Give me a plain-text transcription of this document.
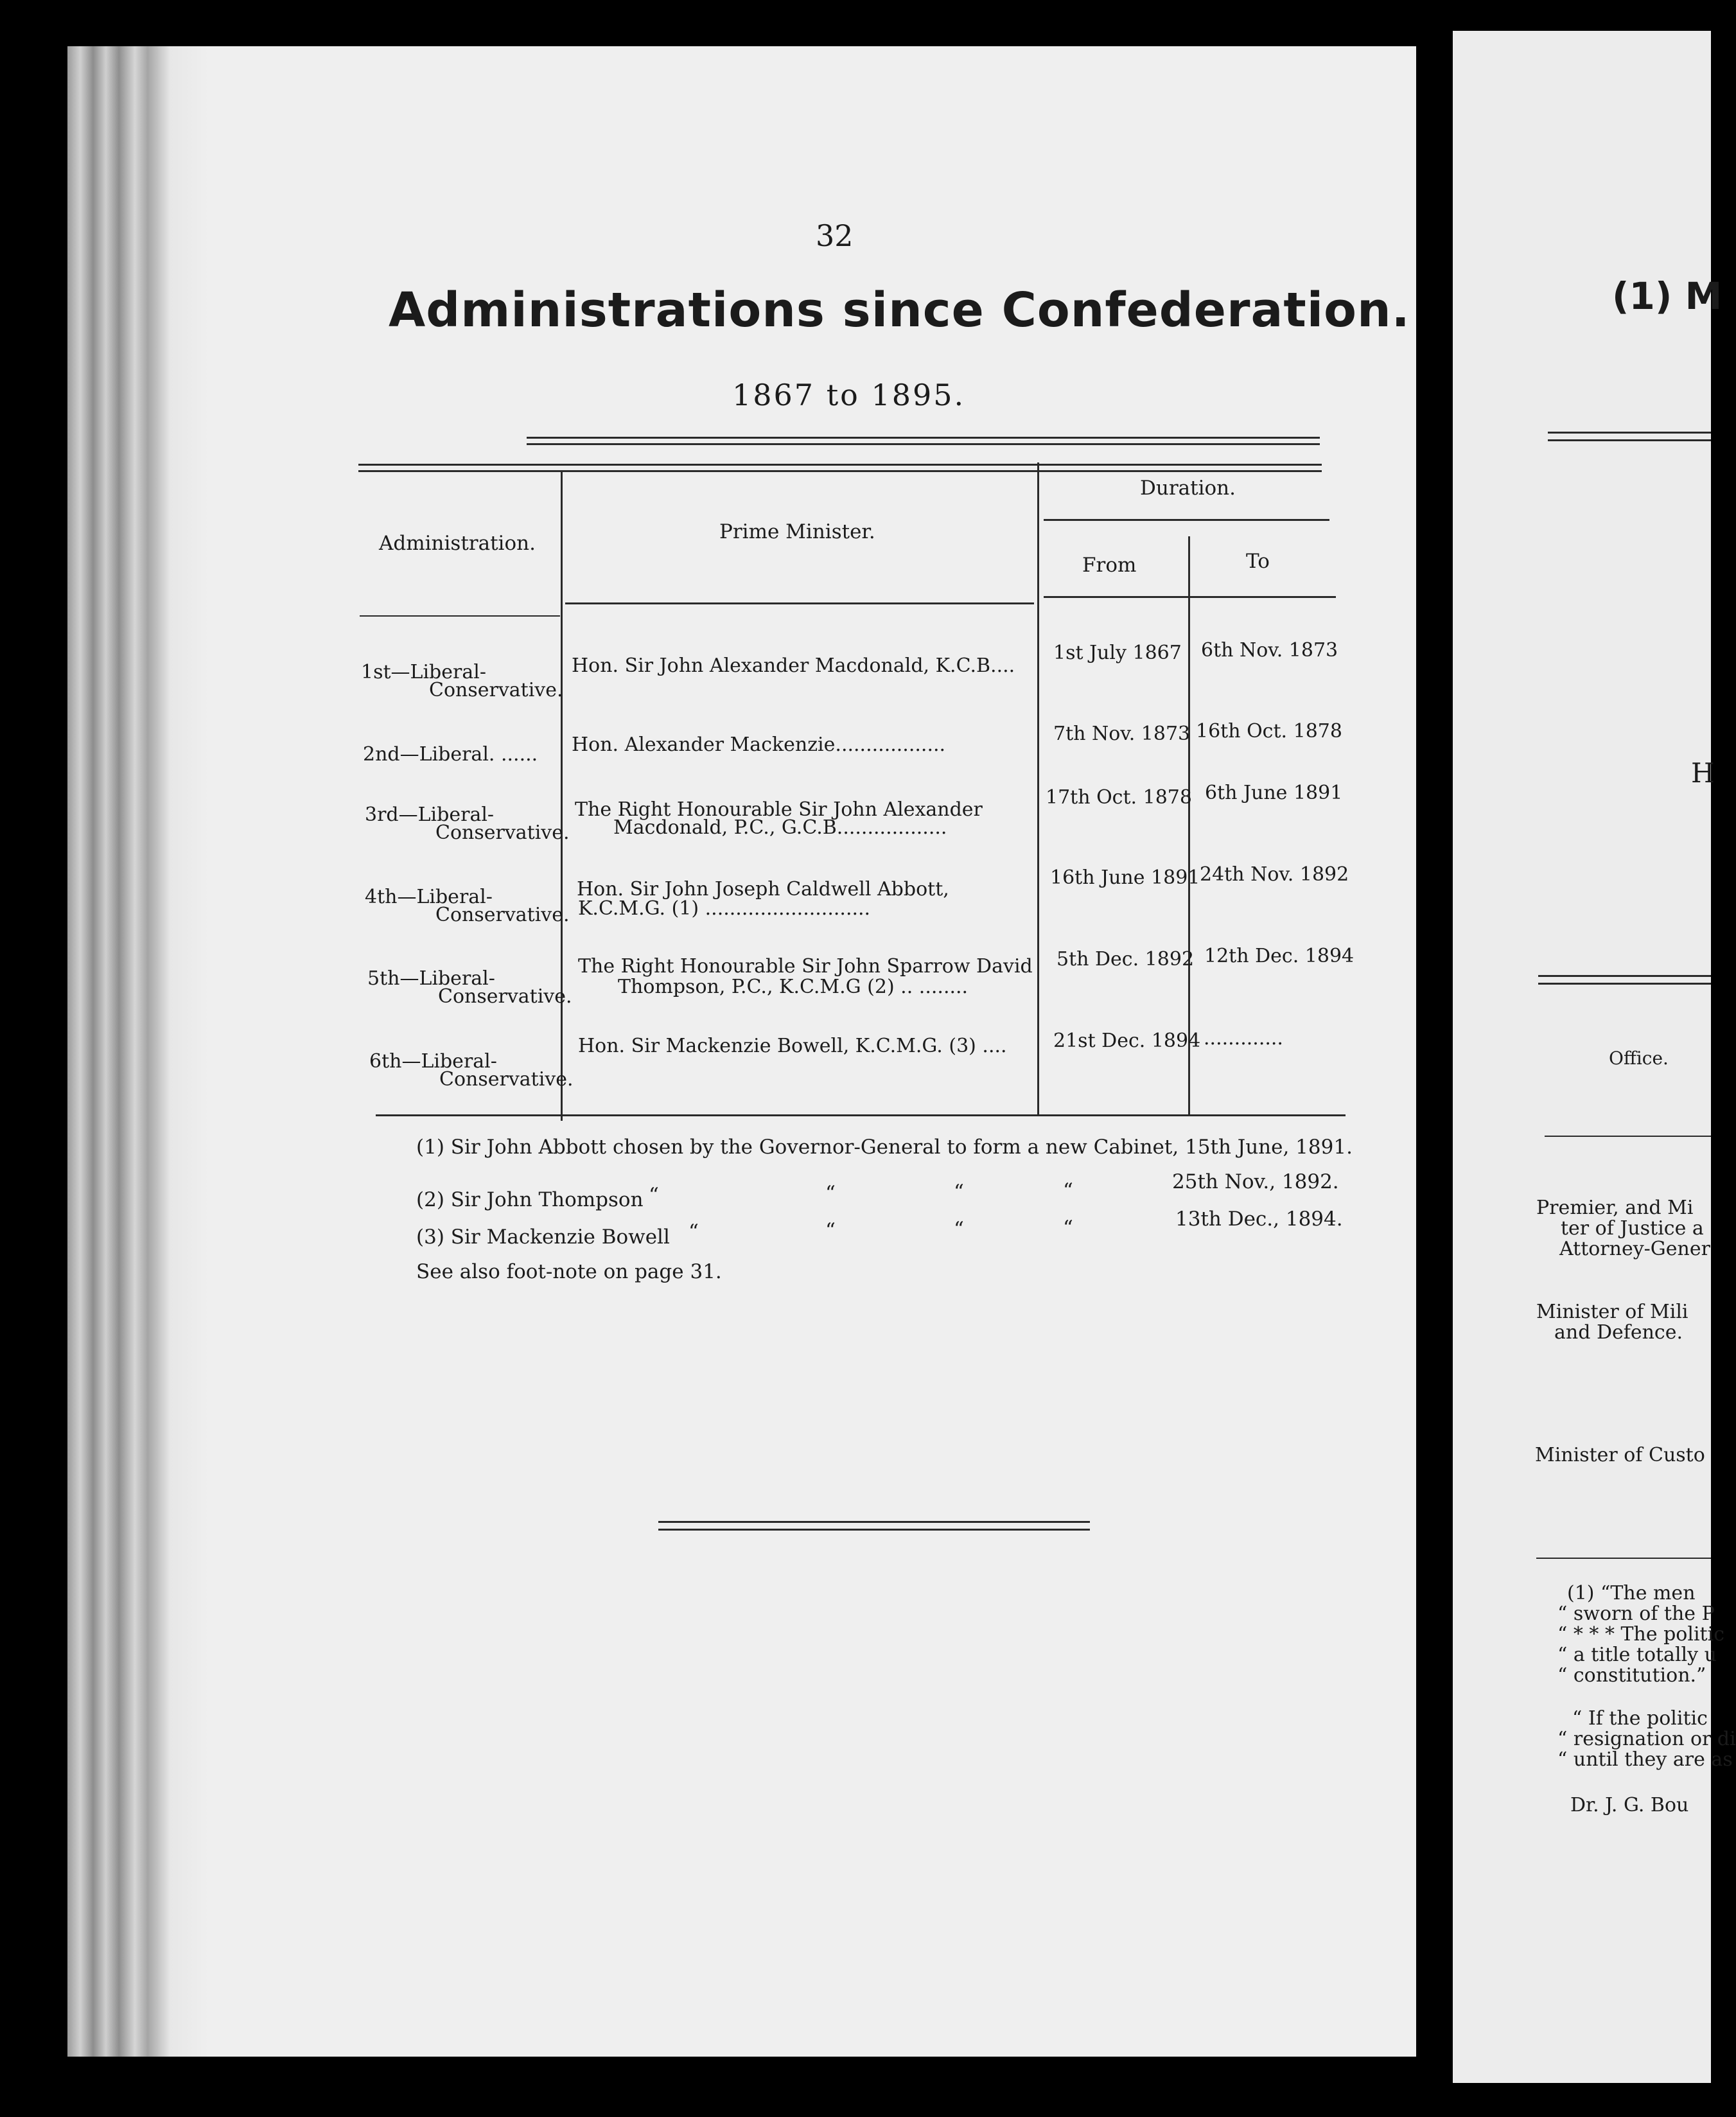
32
Administrations since Confederation.
1867 to 1895.
Administration.	Prime Minister.
Duration.
From	To
1st—Liberal-
Conservative.
Hon. Sir John Alexander Macdonald, K.C.B....
1st July 1867 6th Nov. 1873
2nd—Liberal. ...... Hon. Alexander Mackenzie..................	7th Nov. 1873 16th Oct. 1878
3rd—Liberal-
Conservative.
The Right Honourable Sir John Alexander
Macdonald, P.C., G.C.B..................
17th Oct. 1878 6th June 1891
4th—Liberal-
Conservative.
Hon. Sir John Joseph Caldwell Abbott,
K.C.M.G. (1) ...........................
16th June 1891 24th Nov. 1892
5th—Liberal-
Conservative.
The Right Honourable Sir John Sparrow David
Thompson, P.C., K.C.M.G (2) .. ........
5th Dec. 1892 12th Dec. 1894
6th—Liberal-
Conservative.
Hon. Sir Mackenzie Bowell, K.C.M.G. (3) .... 21st Dec. 1894 .............
(1) Sir John Abbott chosen by the Governor-General to form a new Cabinet, 15th June, 1891.
(2) Sir John Thompson “	“	“	“	25th Nov., 1892.
(3) Sir Mackenzie Bowell “	“	“	“	13th Dec., 1894.
See also foot-note on page 31.
(1) M
H
Office.
Premier, and Mi
ter of Justice a
Attorney-Gener
Minister of Mili
and Defence.
Minister of Custo
(1) “The men
“ sworn of the P
“ * * * The politic
“ a title totally u
“ constitution.”
“ If the politic
“ resignation or di
“ until they are as
Dr. J. G. Bou
